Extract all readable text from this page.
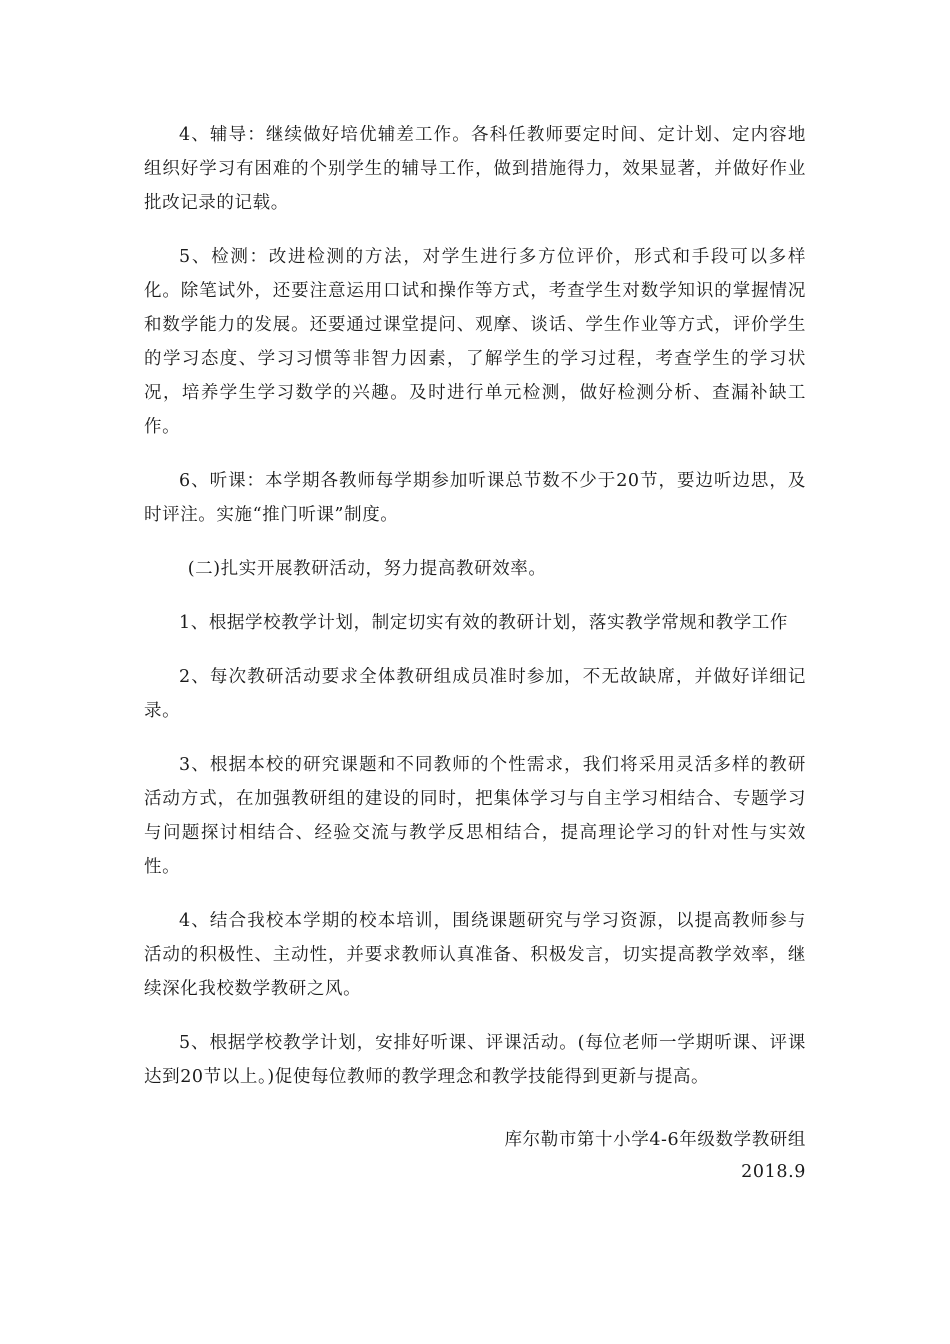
4、辅导：继续做好培优辅差工作。各科任教师要定时间、定计划、定内容地组织好学习有困难的个别学生的辅导工作，做到措施得力，效果显著，并做好作业批改记录的记载。

5、检测：改进检测的方法，对学生进行多方位评价，形式和手段可以多样化。除笔试外，还要注意运用口试和操作等方式，考查学生对数学知识的掌握情况和数学能力的发展。还要通过课堂提问、观摩、谈话、学生作业等方式，评价学生的学习态度、学习习惯等非智力因素，了解学生的学习过程，考查学生的学习状况，培养学生学习数学的兴趣。及时进行单元检测，做好检测分析、查漏补缺工作。

6、听课：本学期各教师每学期参加听课总节数不少于20节，要边听边思，及时评注。实施“推门听课”制度。

(二)扎实开展教研活动，努力提高教研效率。

1、根据学校教学计划，制定切实有效的教研计划，落实教学常规和教学工作

2、每次教研活动要求全体教研组成员准时参加，不无故缺席，并做好详细记录。

3、根据本校的研究课题和不同教师的个性需求，我们将采用灵活多样的教研活动方式，在加强教研组的建设的同时，把集体学习与自主学习相结合、专题学习与问题探讨相结合、经验交流与教学反思相结合，提高理论学习的针对性与实效性。

4、结合我校本学期的校本培训，围绕课题研究与学习资源，以提高教师参与活动的积极性、主动性，并要求教师认真准备、积极发言，切实提高教学效率，继续深化我校数学教研之风。

5、根据学校教学计划，安排好听课、评课活动。(每位老师一学期听课、评课达到20节以上。)促使每位教师的教学理念和教学技能得到更新与提高。

库尔勒市第十小学4-6年级数学教研组
2018.9
